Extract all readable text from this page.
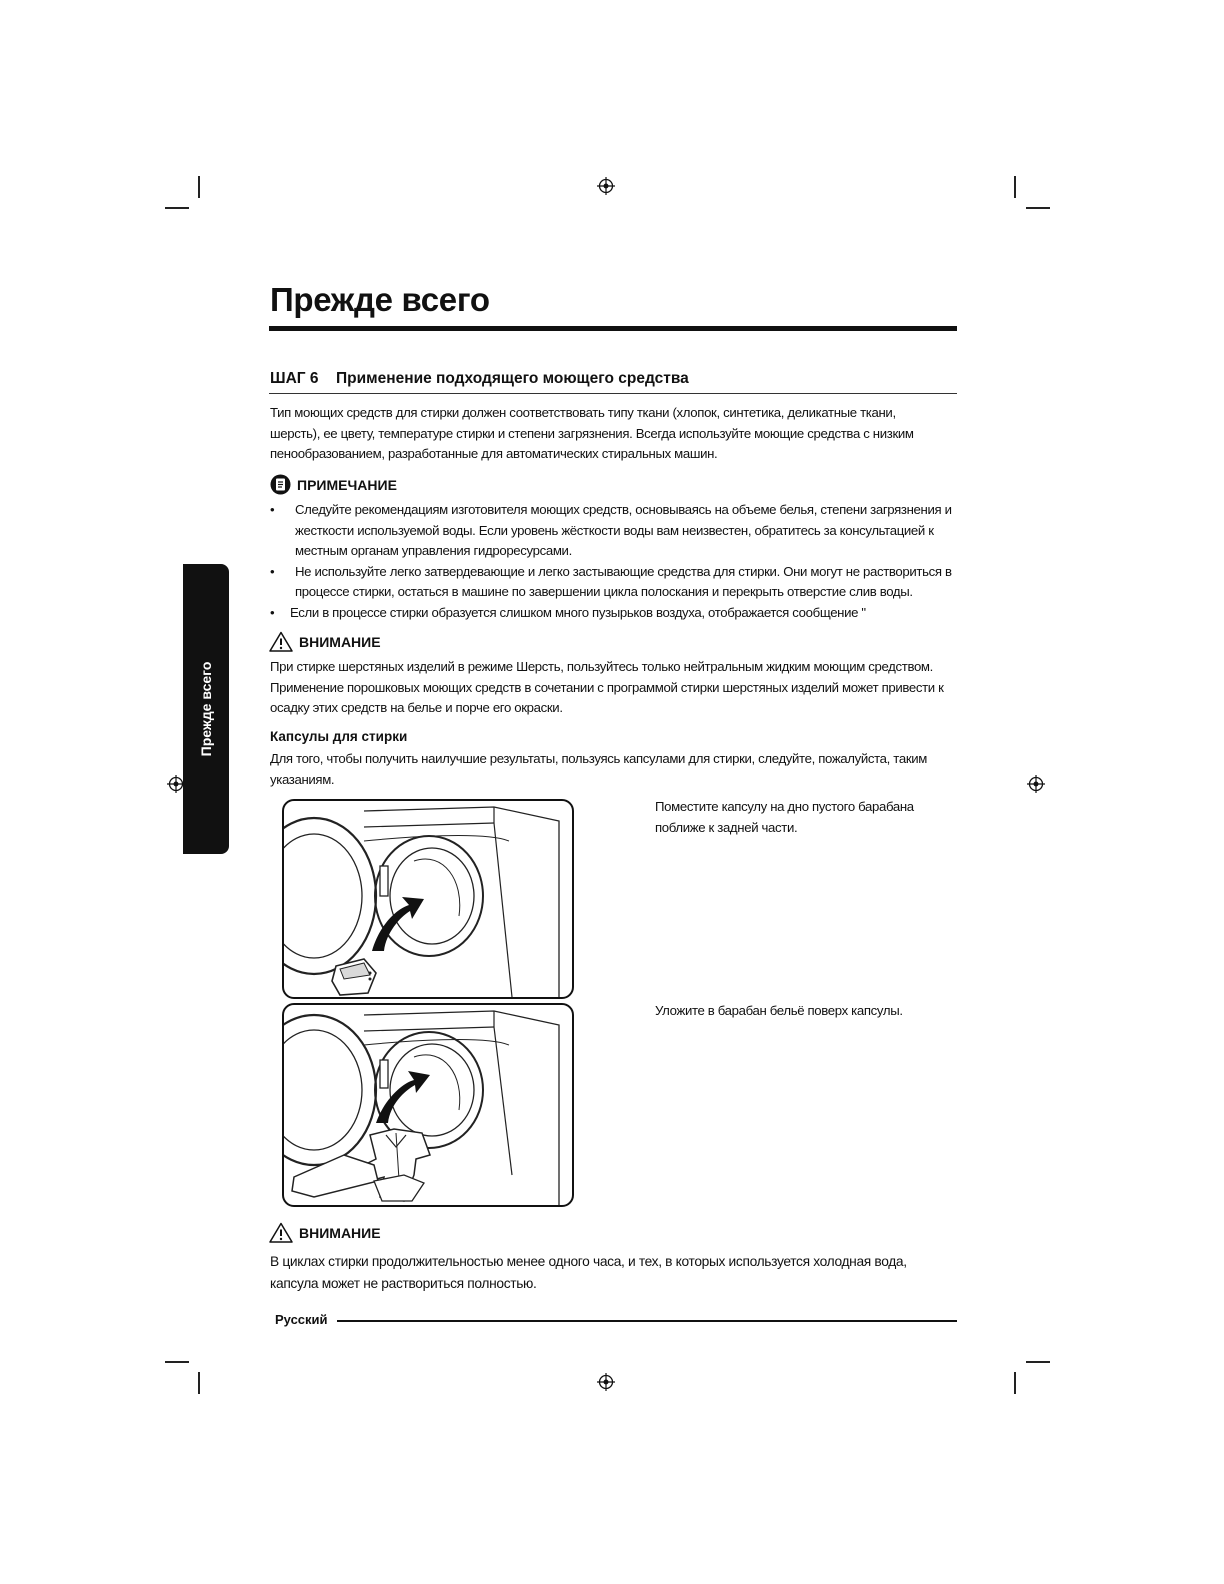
Прежде всего
Прежде всего
ШАГ 6 Применение подходящего моющего средства

Тип моющих средств для стирки должен соответствовать типу ткани (хлопок, синтетика, деликатные ткани, шерсть), ее цвету, температуре стирки и степени загрязнения. Всегда используйте моющие средства с низким пенообразованием, разработанные для автоматических стиральных машин.

ПРИМЕЧАНИЕ
• Следуйте рекомендациям изготовителя моющих средств, основываясь на объеме белья, степени загрязнения и жесткости используемой воды. Если уровень жёсткости воды вам неизвестен, обратитесь за консультацией к местным органам управления гидроресурсами.
• Не используйте легко затвердевающие и легко застывающие средства для стирки. Они могут не раствориться в процессе стирки, остаться в машине по завершении цикла полоскания и перекрыть отверстие слив воды.
• Если в процессе стирки образуется слишком много пузырьков воздуха, отображается сообщение "
ВНИМАНИЕ

При стирке шерстяных изделий в режиме Шерсть, пользуйтесь только нейтральным жидким моющим средством. Применение порошковых моющих средств в сочетании с программой стирки шерстяных изделий может привести к осадку этих средств на белье и порче его окраски.

Капсулы для стирки

Для того, чтобы получить наилучшие результаты, пользуясь капсулами для стирки, следуйте, пожалуйста, таким указаниям.

Поместите капсулу на дно пустого барабана поближе к задней части.
Уложите в барабан бельё поверх капсулы.
ВНИМАНИЕ

В циклах стирки продолжительностью менее одного часа, и тех, в которых используется холодная вода, капсула может не раствориться полностью.

Русский
